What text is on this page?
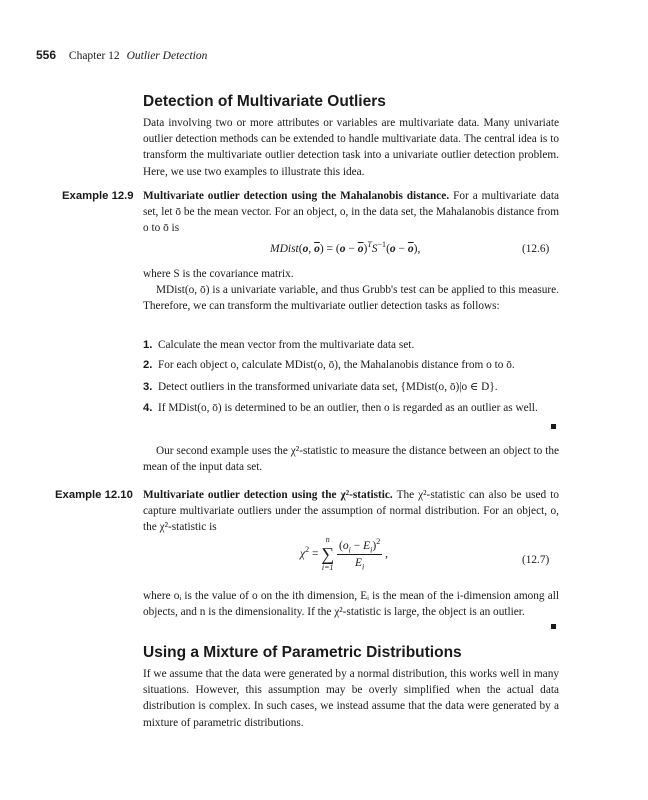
556 Chapter 12 Outlier Detection
Detection of Multivariate Outliers
Data involving two or more attributes or variables are multivariate data. Many univariate outlier detection methods can be extended to handle multivariate data. The central idea is to transform the multivariate outlier detection task into a univariate outlier detection problem. Here, we use two examples to illustrate this idea.
Example 12.9 Multivariate outlier detection using the Mahalanobis distance. For a multivariate data set, let ō be the mean vector. For an object, o, in the data set, the Mahalanobis distance from o to ō is
MDist(o, $\overline{o}) = (o - \overline{o})^TS^{-1}(o - \overline{o})$,	(12.6)
where S is the covariance matrix.
MDist(o, ō) is a univariate variable, and thus Grubb's test can be applied to this measure. Therefore, we can transform the multivariate outlier detection tasks as follows:
1. Calculate the mean vector from the multivariate data set.
2. For each object o, calculate MDist(o, ō), the Mahalanobis distance from o to ō.
3. Detect outliers in the transformed univariate data set, {MDist(o, ō)|o ∈ D}.
4. If MDist(o, ō) is determined to be an outlier, then o is regarded as an outlier as well.
Our second example uses the χ²-statistic to measure the distance between an object to the mean of the input data set.
Example 12.10 Multivariate outlier detection using the χ²-statistic. The χ²-statistic can also be used to capture multivariate outliers under the assumption of normal distribution. For an object, o, the χ²-statistic is
$\chi^2$ =
n
∑
i=1
$\frac{(o_i - E_i)^2}{E_i}$ ,	(12.7)
where oᵢ is the value of o on the ith dimension, Eᵢ is the mean of the i-dimension among all objects, and n is the dimensionality. If the χ²-statistic is large, the object is an outlier.
Using a Mixture of Parametric Distributions
If we assume that the data were generated by a normal distribution, this works well in many situations. However, this assumption may be overly simplified when the actual data distribution is complex. In such cases, we instead assume that the data were generated by a mixture of parametric distributions.
